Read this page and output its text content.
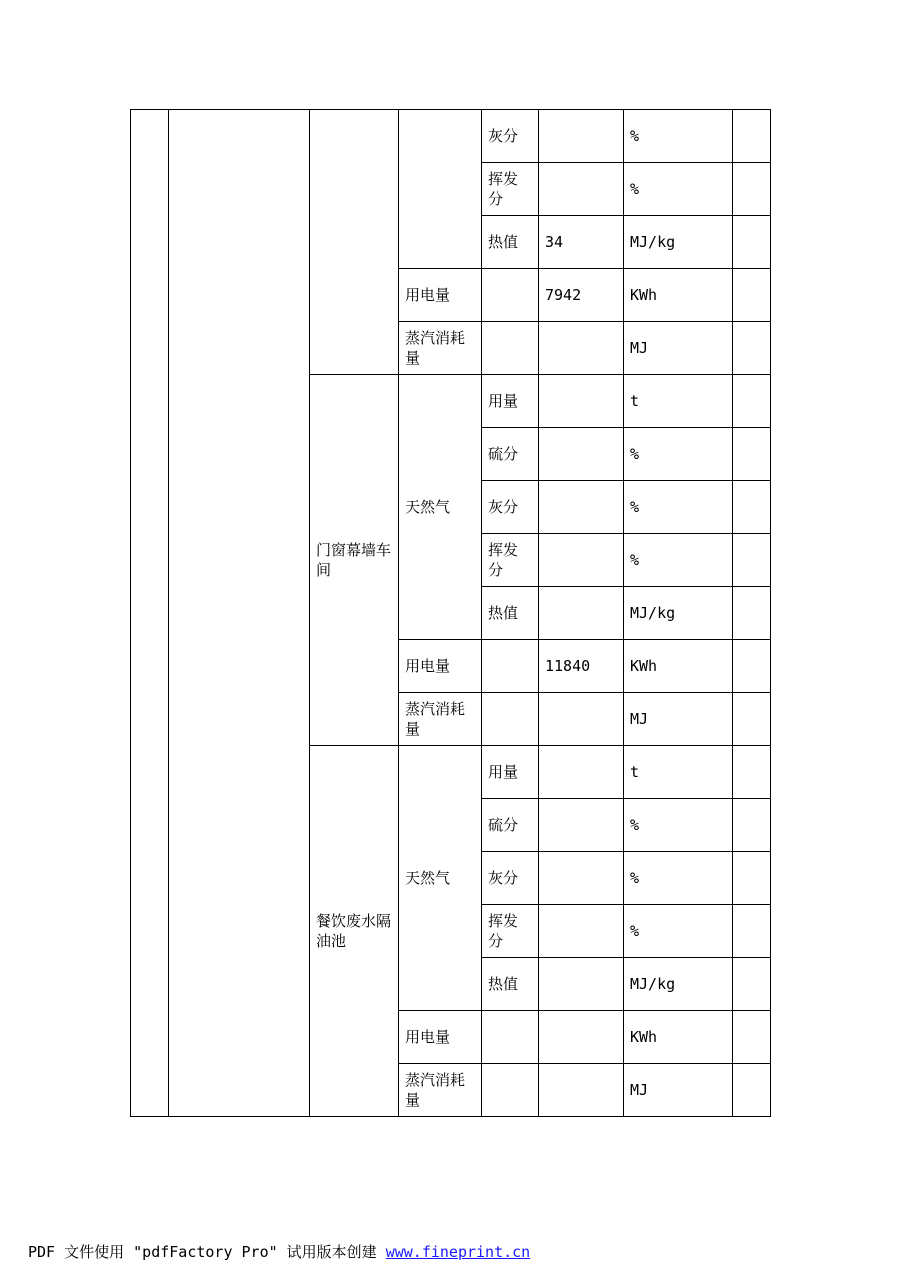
				灰分		%	
				挥发分		%	
				热值	34	MJ/kg	
			用电量		7942	KWh	
			蒸汽消耗量			MJ	
		门窗幕墙车间	天然气	用量		t	
				硫分		%	
				灰分		%	
				挥发分		%	
				热值		MJ/kg	
			用电量		11840	KWh	
			蒸汽消耗量			MJ	
		餐饮废水隔油池	天然气	用量		t	
				硫分		%	
				灰分		%	
				挥发分		%	
				热值		MJ/kg	
			用电量			KWh	
			蒸汽消耗量			MJ	
PDF 文件使用 "pdfFactory Pro" 试用版本创建 www.fineprint.cn
